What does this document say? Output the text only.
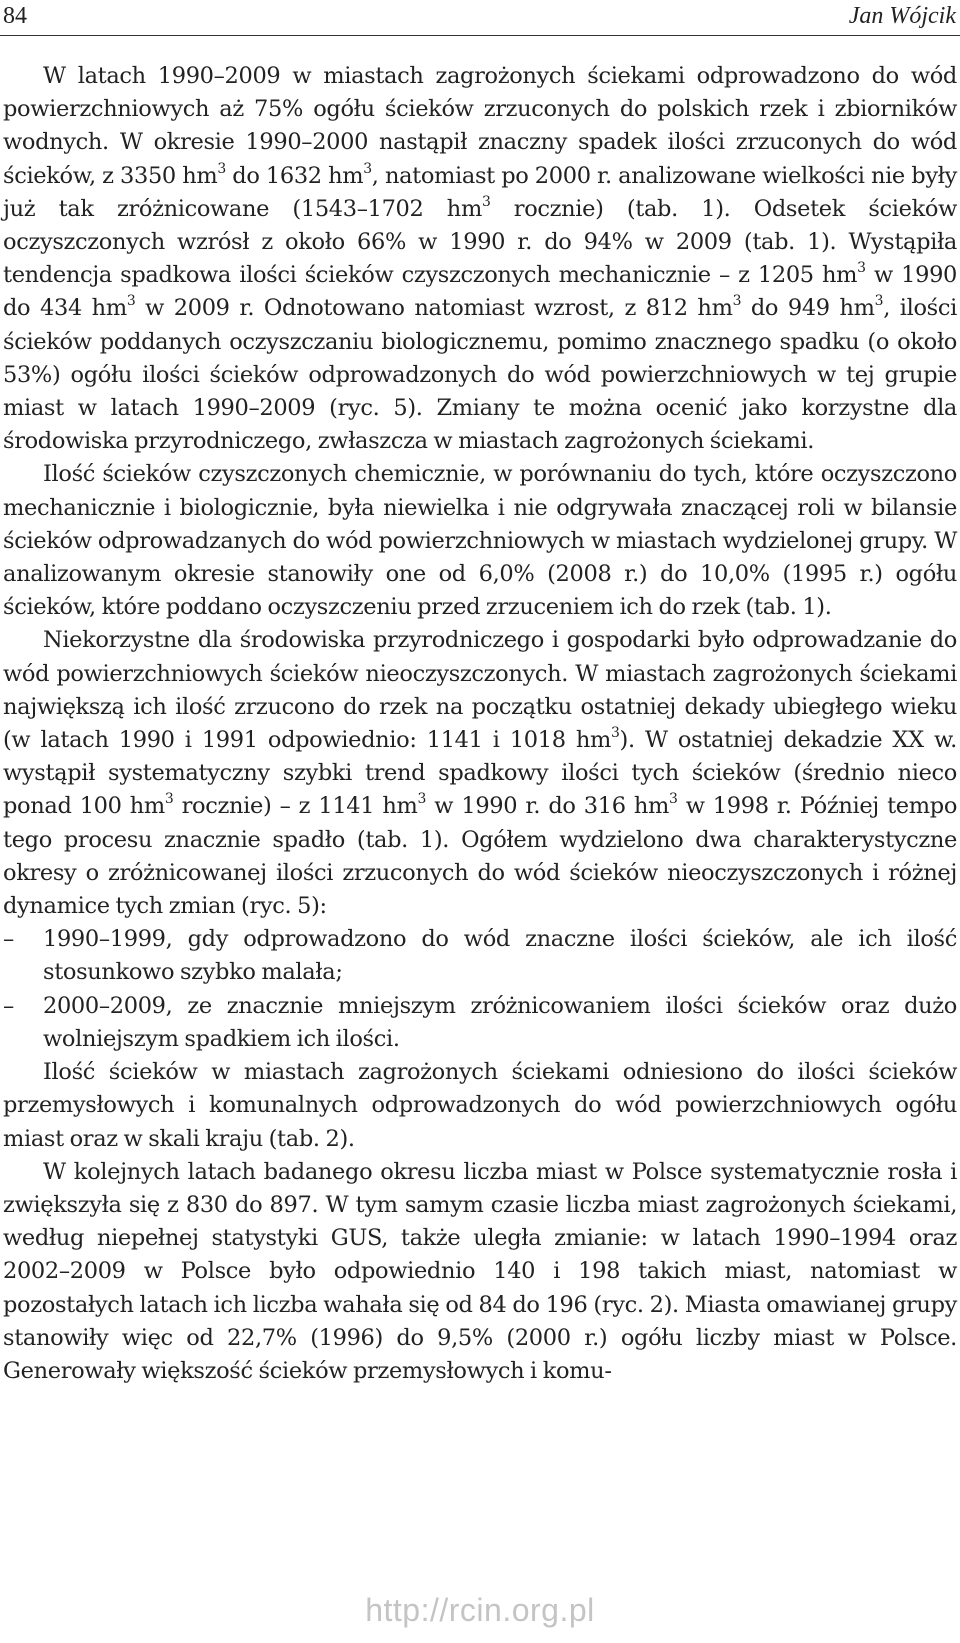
84	Jan Wójcik

W latach 1990–2009 w miastach zagrożonych ściekami odprowadzono do wód powierzchniowych aż 75% ogółu ścieków zrzuconych do polskich rzek i zbiorników wodnych. W okresie 1990–2000 nastąpił znaczny spadek ilości zrzuconych do wód ścieków, z 3350 $hm^3$ do 1632 $hm^3$, natomiast po 2000 r. analizowane wielkości nie były już tak zróżnicowane (1543–1702 $hm^3$ rocznie) (tab. 1). Odsetek ścieków oczyszczonych wzrósł z około 66% w 1990 r. do 94% w 2009 (tab. 1). Wystąpiła tendencja spadkowa ilości ścieków czyszczonych mechanicznie – z 1205 $hm^3$ w 1990 do 434 $hm^3$ w 2009 r. Odnotowano natomiast wzrost, z 812 $hm^3$ do 949 $hm^3$, ilości ścieków poddanych oczyszczaniu biologicznemu, pomimo znacznego spadku (o około 53%) ogółu ilości ścieków odprowadzonych do wód powierzchniowych w tej grupie miast w latach 1990–2009 (ryc. 5). Zmiany te można ocenić jako korzystne dla środowiska przyrodniczego, zwłaszcza w miastach zagrożonych ściekami.

Ilość ścieków czyszczonych chemicznie, w porównaniu do tych, które oczyszczono mechanicznie i biologicznie, była niewielka i nie odgrywała znaczącej roli w bilansie ścieków odprowadzanych do wód powierzchniowych w miastach wydzielonej grupy. W analizowanym okresie stanowiły one od 6,0% (2008 r.) do 10,0% (1995 r.) ogółu ścieków, które poddano oczyszczeniu przed zrzuceniem ich do rzek (tab. 1).

Niekorzystne dla środowiska przyrodniczego i gospodarki było odprowadzanie do wód powierzchniowych ścieków nieoczyszczonych. W miastach zagrożonych ściekami największą ich ilość zrzucono do rzek na początku ostatniej dekady ubiegłego wieku (w latach 1990 i 1991 odpowiednio: 1141 i 1018 $hm^3$). W ostatniej dekadzie XX w. wystąpił systematyczny szybki trend spadkowy ilości tych ścieków (średnio nieco ponad 100 $hm^3$ rocznie) – z 1141 $hm^3$ w 1990 r. do 316 $hm^3$ w 1998 r. Później tempo tego procesu znacznie spadło (tab. 1). Ogółem wydzielono dwa charakterystyczne okresy o zróżnicowanej ilości zrzuconych do wód ścieków nieoczyszczonych i różnej dynamice tych zmian (ryc. 5):

– 1990–1999, gdy odprowadzono do wód znaczne ilości ścieków, ale ich ilość stosunkowo szybko malała;
– 2000–2009, ze znacznie mniejszym zróżnicowaniem ilości ścieków oraz dużo wolniejszym spadkiem ich ilości.

Ilość ścieków w miastach zagrożonych ściekami odniesiono do ilości ścieków przemysłowych i komunalnych odprowadzonych do wód powierzchniowych ogółu miast oraz w skali kraju (tab. 2).

W kolejnych latach badanego okresu liczba miast w Polsce systematycznie rosła i zwiększyła się z 830 do 897. W tym samym czasie liczba miast zagrożonych ściekami, według niepełnej statystyki GUS, także uległa zmianie: w latach 1990–1994 oraz 2002–2009 w Polsce było odpowiednio 140 i 198 takich miast, natomiast w pozostałych latach ich liczba wahała się od 84 do 196 (ryc. 2). Miasta omawianej grupy stanowiły więc od 22,7% (1996) do 9,5% (2000 r.) ogółu liczby miast w Polsce. Generowały większość ścieków przemysłowych i komu-

http://rcin.org.pl
